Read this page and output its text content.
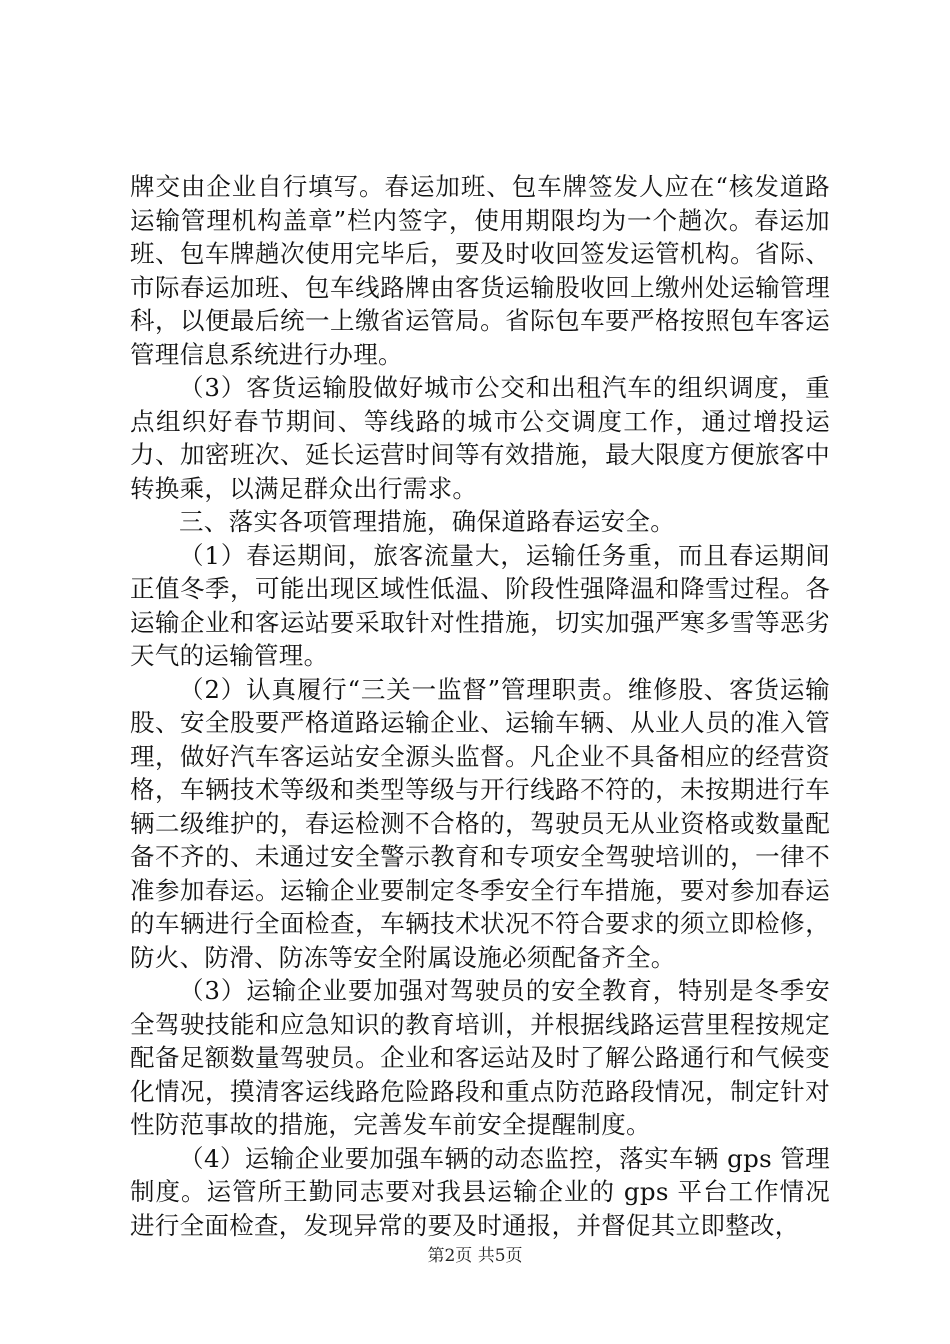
牌交由企业自行填写。春运加班、包车牌签发人应在“核发道路运输管理机构盖章”栏内签字，使用期限均为一个趟次。春运加班、包车牌趟次使用完毕后，要及时收回签发运管机构。省际、市际春运加班、包车线路牌由客货运输股收回上缴州处运输管理科，以便最后统一上缴省运管局。省际包车要严格按照包车客运管理信息系统进行办理。

（3）客货运输股做好城市公交和出租汽车的组织调度，重点组织好春节期间、等线路的城市公交调度工作，通过增投运力、加密班次、延长运营时间等有效措施，最大限度方便旅客中转换乘，以满足群众出行需求。

三、落实各项管理措施，确保道路春运安全。

（1）春运期间，旅客流量大，运输任务重，而且春运期间正值冬季，可能出现区域性低温、阶段性强降温和降雪过程。各运输企业和客运站要采取针对性措施，切实加强严寒多雪等恶劣天气的运输管理。

（2）认真履行“三关一监督”管理职责。维修股、客货运输股、安全股要严格道路运输企业、运输车辆、从业人员的准入管理，做好汽车客运站安全源头监督。凡企业不具备相应的经营资格，车辆技术等级和类型等级与开行线路不符的，未按期进行车辆二级维护的，春运检测不合格的，驾驶员无从业资格或数量配备不齐的、未通过安全警示教育和专项安全驾驶培训的，一律不准参加春运。运输企业要制定冬季安全行车措施，要对参加春运的车辆进行全面检查，车辆技术状况不符合要求的须立即检修，防火、防滑、防冻等安全附属设施必须配备齐全。

（3）运输企业要加强对驾驶员的安全教育，特别是冬季安全驾驶技能和应急知识的教育培训，并根据线路运营里程按规定配备足额数量驾驶员。企业和客运站及时了解公路通行和气候变化情况，摸清客运线路危险路段和重点防范路段情况，制定针对性防范事故的措施，完善发车前安全提醒制度。

（4）运输企业要加强车辆的动态监控，落实车辆 gps 管理制度。运管所王勤同志要对我县运输企业的 gps 平台工作情况进行全面检查，发现异常的要及时通报，并督促其立即整改，

第2页 共5页
